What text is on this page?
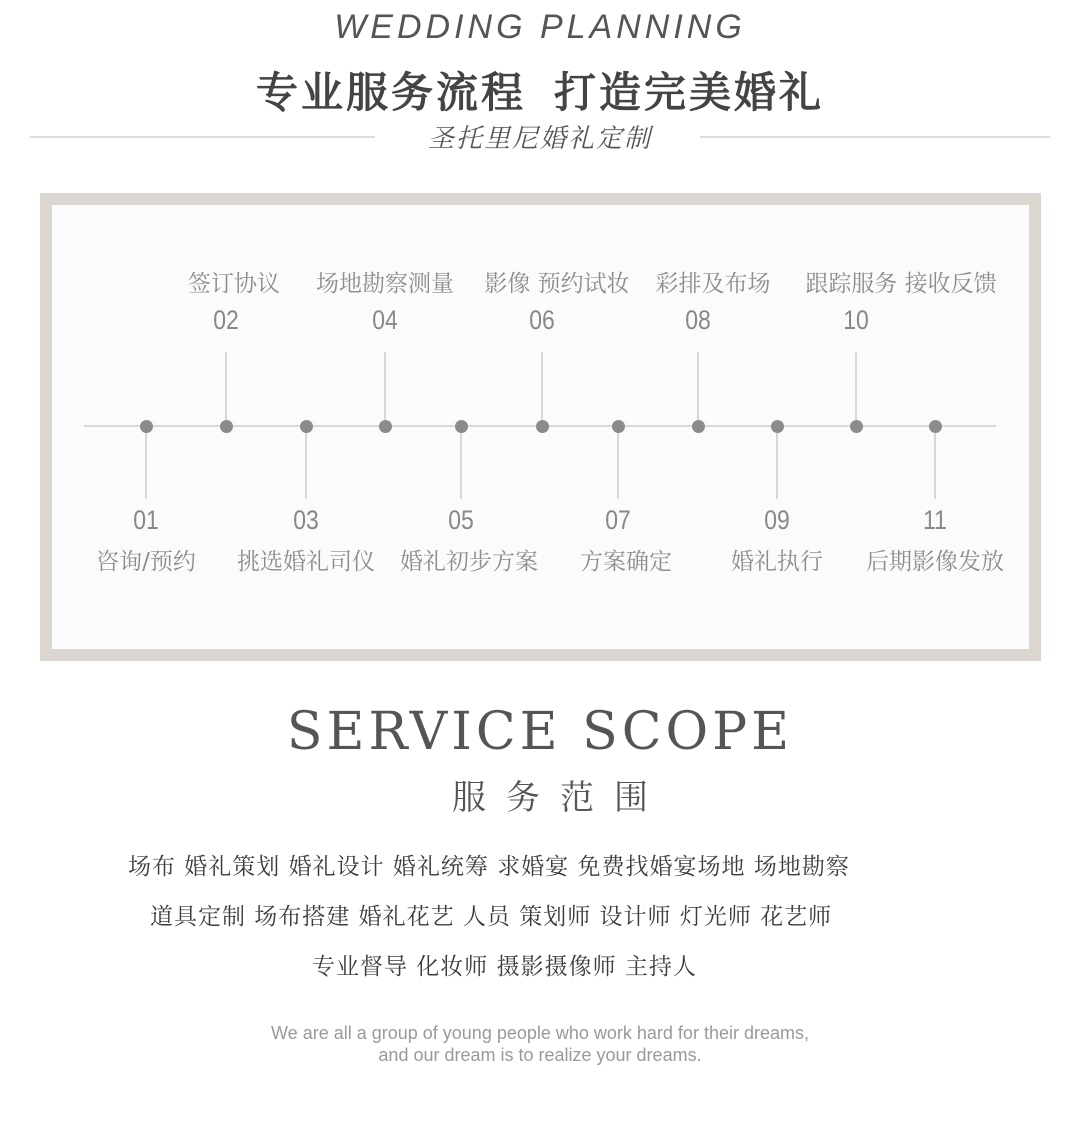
WEDDING PLANNING
专业服务流程 打造完美婚礼
圣托里尼婚礼定制
01
咨询/预约
02
签订协议
03
挑选婚礼司仪
04
场地勘察测量
05
婚礼初步方案
06
影像 预约试妆
07
方案确定
08
彩排及布场
09
婚礼执行
10
跟踪服务 接收反馈
11
后期影像发放
SERVICE SCOPE
服务范围
场布 婚礼策划 婚礼设计 婚礼统筹 求婚宴 免费找婚宴场地 场地勘察
道具定制 场布搭建 婚礼花艺 人员 策划师 设计师 灯光师 花艺师
专业督导 化妆师 摄影摄像师 主持人
We are all a group of young people who work hard for their dreams,
and our dream is to realize your dreams.
